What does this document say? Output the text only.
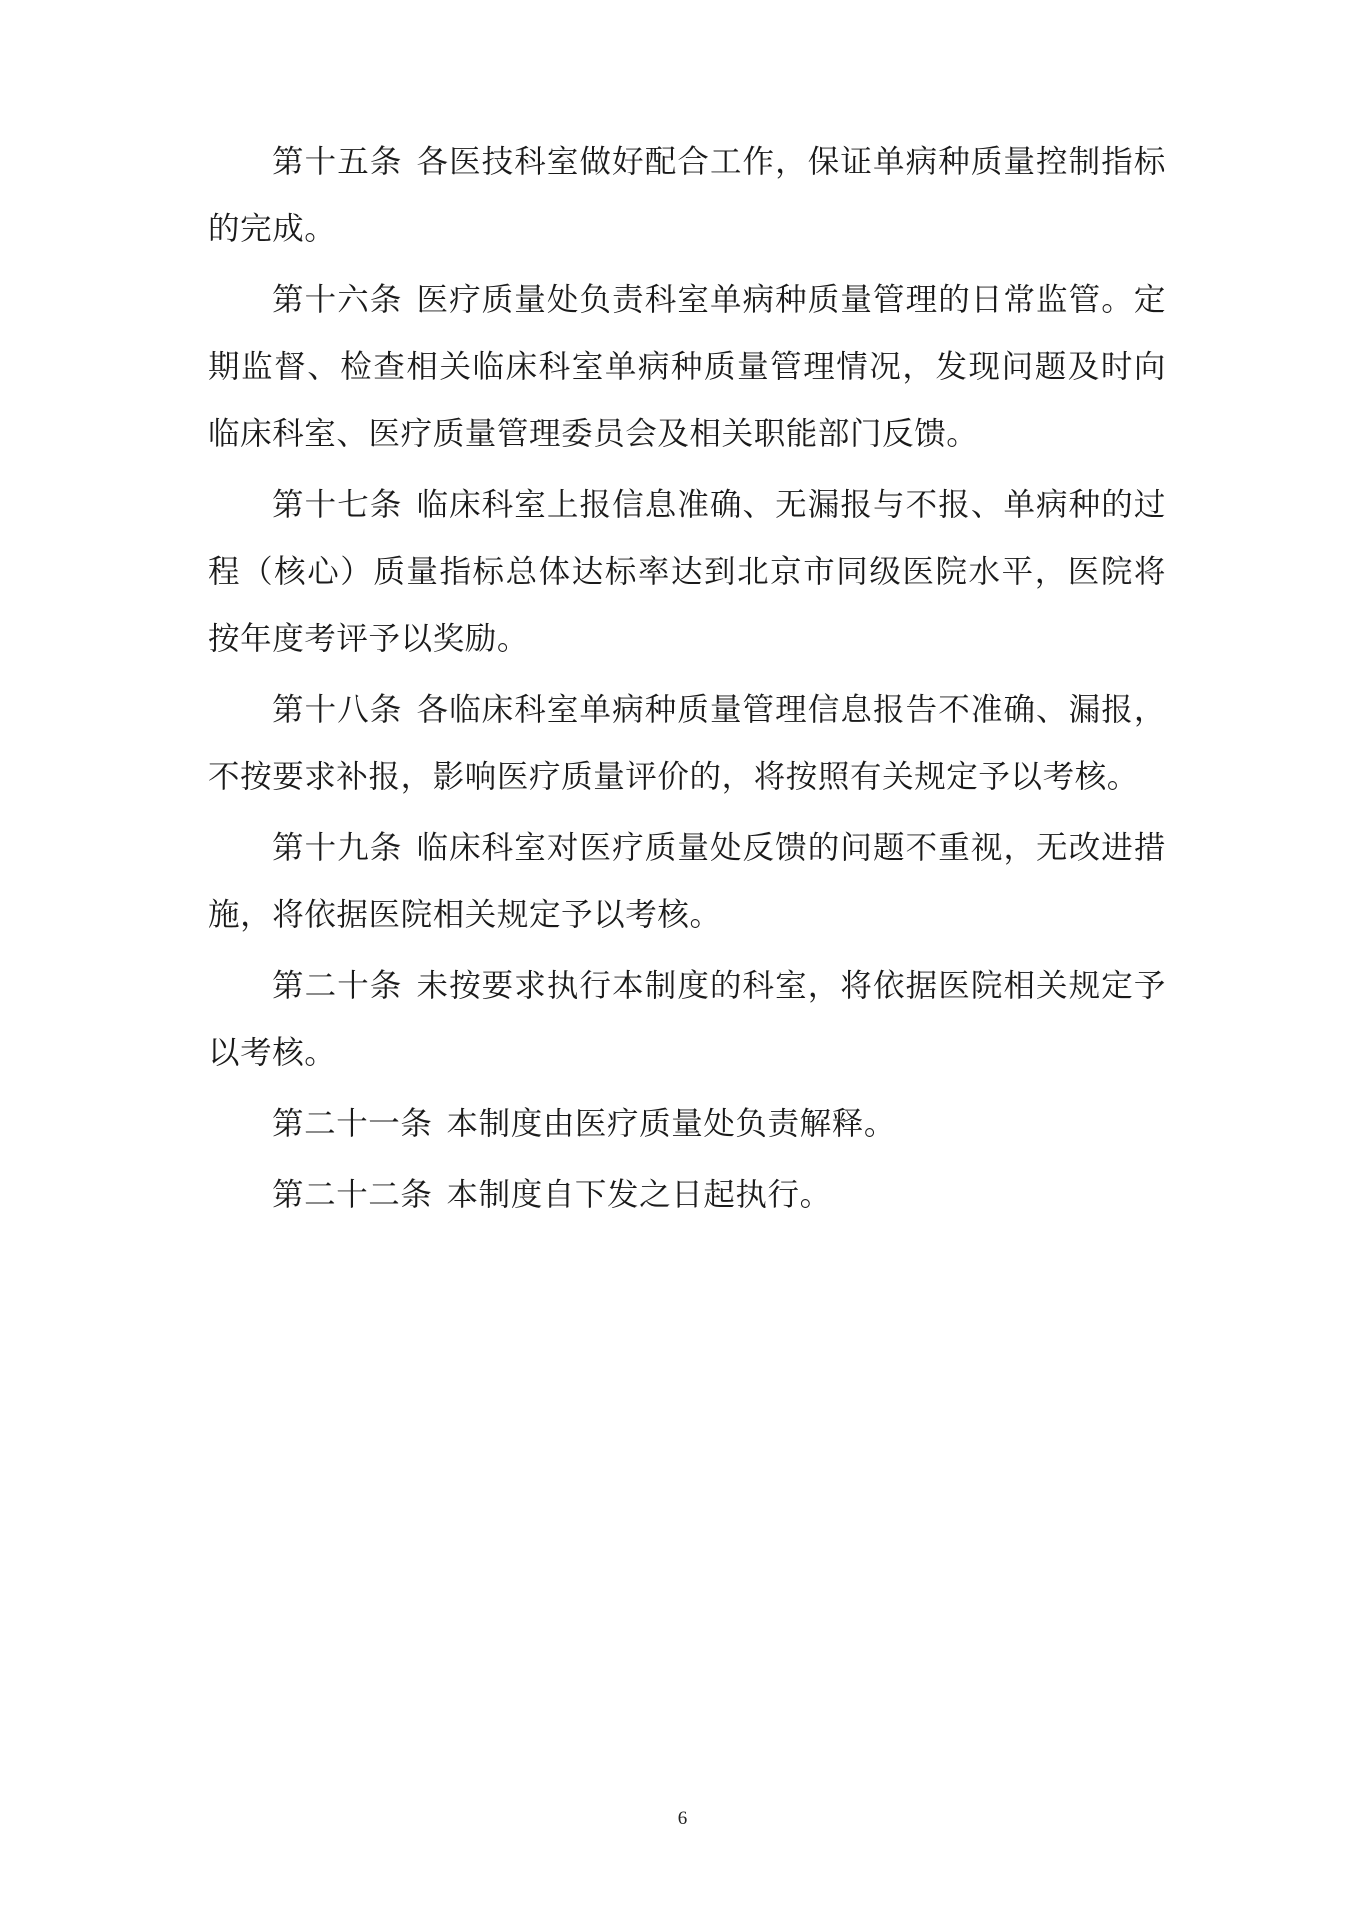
第十五条 各医技科室做好配合工作，保证单病种质量控制指标的完成。

第十六条 医疗质量处负责科室单病种质量管理的日常监管。定期监督、检查相关临床科室单病种质量管理情况，发现问题及时向临床科室、医疗质量管理委员会及相关职能部门反馈。

第十七条 临床科室上报信息准确、无漏报与不报、单病种的过程（核心）质量指标总体达标率达到北京市同级医院水平，医院将按年度考评予以奖励。

第十八条 各临床科室单病种质量管理信息报告不准确、漏报，不按要求补报，影响医疗质量评价的，将按照有关规定予以考核。

第十九条 临床科室对医疗质量处反馈的问题不重视，无改进措施，将依据医院相关规定予以考核。

第二十条 未按要求执行本制度的科室，将依据医院相关规定予以考核。

第二十一条 本制度由医疗质量处负责解释。

第二十二条 本制度自下发之日起执行。

6
